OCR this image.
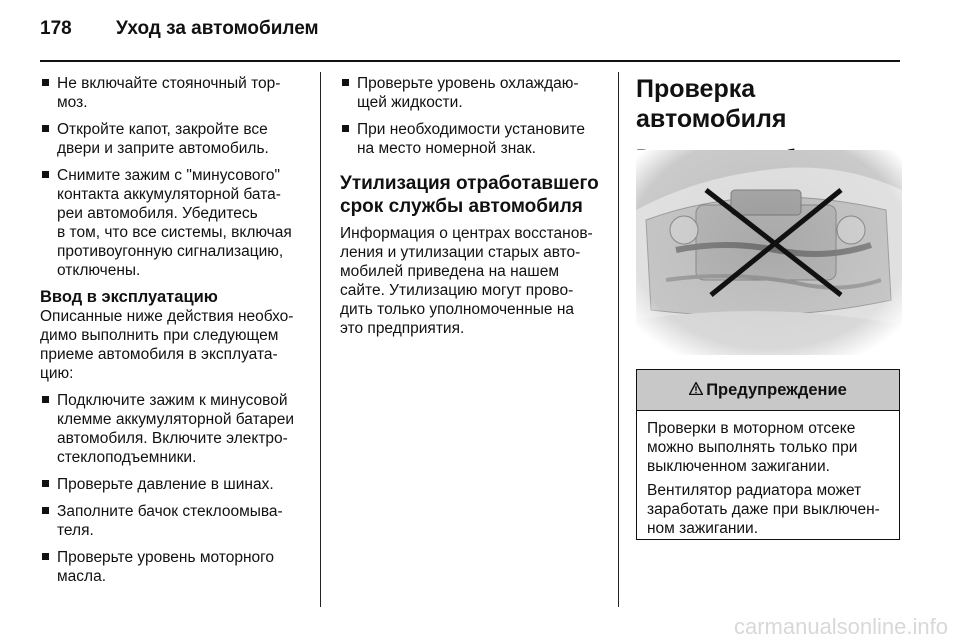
178 Уход за автомобилем
Не включайте стояночный тор-
моз.
Откройте капот, закройте все
двери и заприте автомобиль.
Снимите зажим с "минусового"
контакта аккумуляторной бата-
реи автомобиля. Убедитесь
в том, что все системы, включая
противоугонную сигнализацию,
отключены.
Ввод в эксплуатацию

Описанные ниже действия необхо-
димо выполнить при следующем
приеме автомобиля в эксплуата-
цию:

Подключите зажим к минусовой
клемме аккумуляторной батареи
автомобиля. Включите электро-
стеклоподъемники.
Проверьте давление в шинах.
Заполните бачок стеклоомыва-
теля.
Проверьте уровень моторного
масла.
Проверьте уровень охлаждаю-
щей жидкости.
При необходимости установите
на место номерной знак.
Утилизация отработавшего
срок службы автомобиля

Информация о центрах восстанов-
ления и утилизации старых авто-
мобилей приведена на нашем
сайте. Утилизацию могут прово-
дить только уполномоченные на
это предприятия.

Проверка автомобиля
Предупреждение

Проверки в моторном отсеке
можно выполнять только при
выключенном зажигании.

Вентилятор радиатора может
заработать даже при выключен-
ном зажигании.

carmanualsonline.info
